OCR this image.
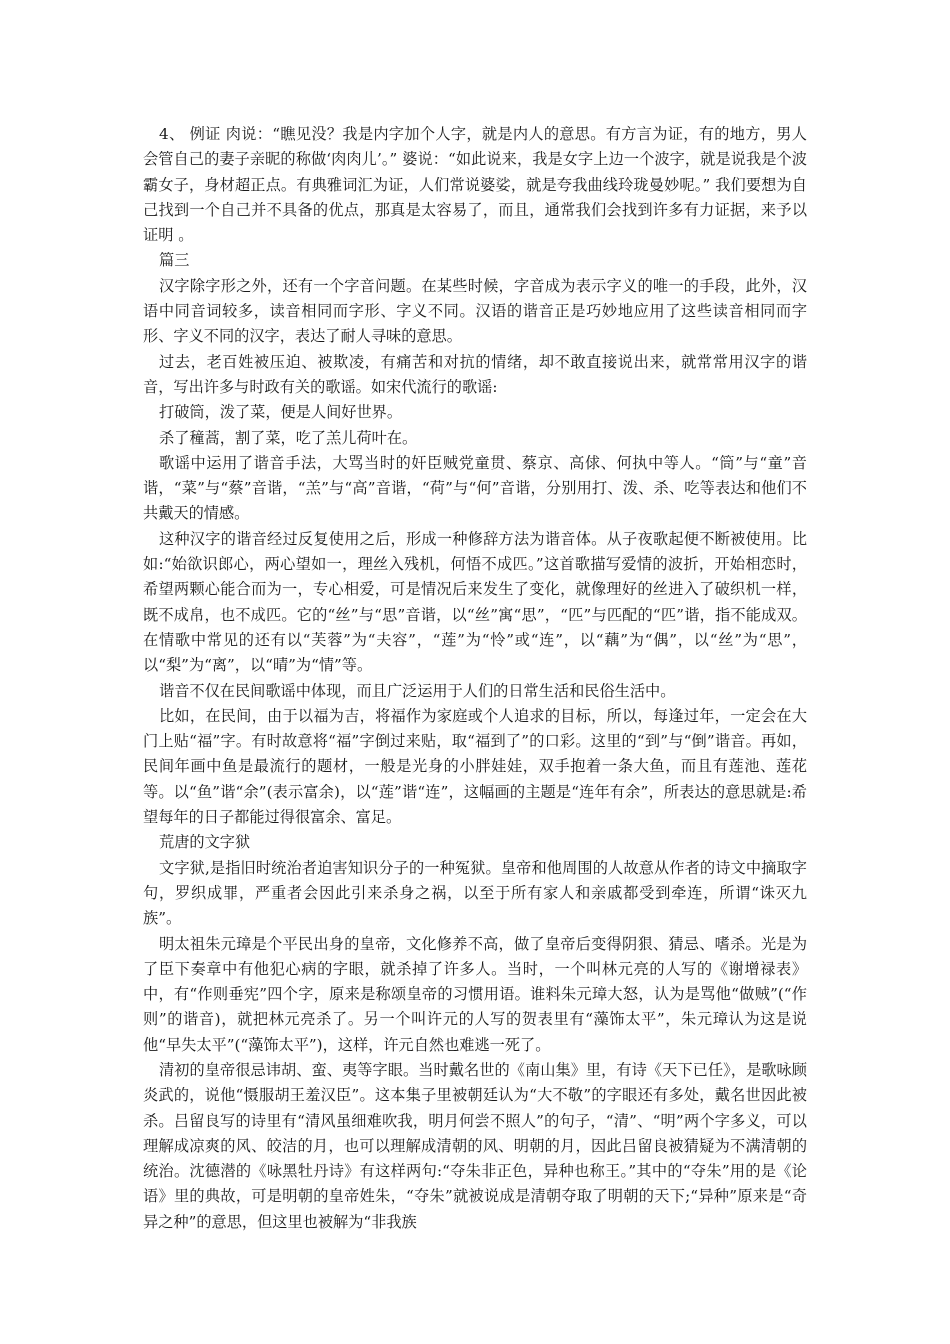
4、 例证 肉说：“瞧见没？我是内字加个人字，就是内人的意思。有方言为证，有的地方，男人会管自己的妻子亲昵的称做‘肉肉儿’。” 婆说：“如此说来，我是女字上边一个波字，就是说我是个波霸女子，身材超正点。有典雅词汇为证，人们常说婆娑，就是夸我曲线玲珑曼妙呢。” 我们要想为自己找到一个自己并不具备的优点，那真是太容易了，而且，通常我们会找到许多有力证据，来予以证明 。

篇三

汉字除字形之外，还有一个字音问题。在某些时候，字音成为表示字义的唯一的手段，此外，汉语中同音词较多，读音相同而字形、字义不同。汉语的谐音正是巧妙地应用了这些读音相同而字形、字义不同的汉字，表达了耐人寻味的意思。

过去，老百姓被压迫、被欺凌，有痛苦和对抗的情绪，却不敢直接说出来，就常常用汉字的谐音，写出许多与时政有关的歌谣。如宋代流行的歌谣:

打破筒，泼了菜，便是人间好世界。

杀了穜蒿，割了菜，吃了羔儿荷叶在。

歌谣中运用了谐音手法，大骂当时的奸臣贼党童贯、蔡京、高俅、何执中等人。“筒”与“童”音谐，“菜”与“蔡”音谐，“羔”与“高”音谐，“荷”与“何”音谐，分别用打、泼、杀、吃等表达和他们不共戴天的情感。

这种汉字的谐音经过反复使用之后，形成一种修辞方法为谐音体。从子夜歌起便不断被使用。比如:“始欲识郎心，两心望如一，理丝入残机，何悟不成匹。”这首歌描写爱情的波折，开始相恋时，希望两颗心能合而为一，专心相爱，可是情况后来发生了变化，就像理好的丝进入了破织机一样，既不成帛，也不成匹。它的“丝”与“思”音谐，以“丝”寓“思”，“匹”与匹配的“匹”谐，指不能成双。在情歌中常见的还有以“芙蓉”为“夫容”，“莲”为“怜”或“连”，以“藕”为“偶”，以“丝”为“思”，以“梨”为“离”，以“晴”为“情”等。

谐音不仅在民间歌谣中体现，而且广泛运用于人们的日常生活和民俗生活中。

比如，在民间，由于以福为吉，将福作为家庭或个人追求的目标，所以，每逢过年，一定会在大门上贴“福”字。有时故意将“福”字倒过来贴，取“福到了”的口彩。这里的“到”与“倒”谐音。再如，民间年画中鱼是最流行的题材，一般是光身的小胖娃娃，双手抱着一条大鱼，而且有莲池、莲花等。以“鱼”谐“余”(表示富余)，以“莲”谐“连”，这幅画的主题是“连年有余”，所表达的意思就是:希望每年的日子都能过得很富余、富足。

荒唐的文字狱

文字狱,是指旧时统治者迫害知识分子的一种冤狱。皇帝和他周围的人故意从作者的诗文中摘取字句，罗织成罪，严重者会因此引来杀身之祸，以至于所有家人和亲戚都受到牵连，所谓“诛灭九族”。

明太祖朱元璋是个平民出身的皇帝，文化修养不高，做了皇帝后变得阴狠、猜忌、嗜杀。光是为了臣下奏章中有他犯心病的字眼，就杀掉了许多人。当时，一个叫林元亮的人写的《谢增禄表》中，有“作则垂宪”四个字，原来是称颂皇帝的习惯用语。谁料朱元璋大怒，认为是骂他“做贼”(“作则”的谐音)，就把林元亮杀了。另一个叫许元的人写的贺表里有“藻饰太平”，朱元璋认为这是说他“早失太平”(“藻饰太平”)，这样，许元自然也难逃一死了。

清初的皇帝很忌讳胡、蛮、夷等字眼。当时戴名世的《南山集》里，有诗《天下已任》，是歌咏顾炎武的，说他“慑服胡王羞汉臣”。这本集子里被朝廷认为“大不敬”的字眼还有多处，戴名世因此被杀。吕留良写的诗里有“清风虽细难吹我，明月何尝不照人”的句子，“清”、“明”两个字多义，可以理解成凉爽的风、皎洁的月，也可以理解成清朝的风、明朝的月，因此吕留良被猜疑为不满清朝的统治。沈德潜的《咏黑牡丹诗》有这样两句:“夺朱非正色，异种也称王。”其中的“夺朱”用的是《论语》里的典故，可是明朝的皇帝姓朱，“夺朱”就被说成是清朝夺取了明朝的天下;“异种”原来是“奇异之种”的意思，但这里也被解为“非我族
